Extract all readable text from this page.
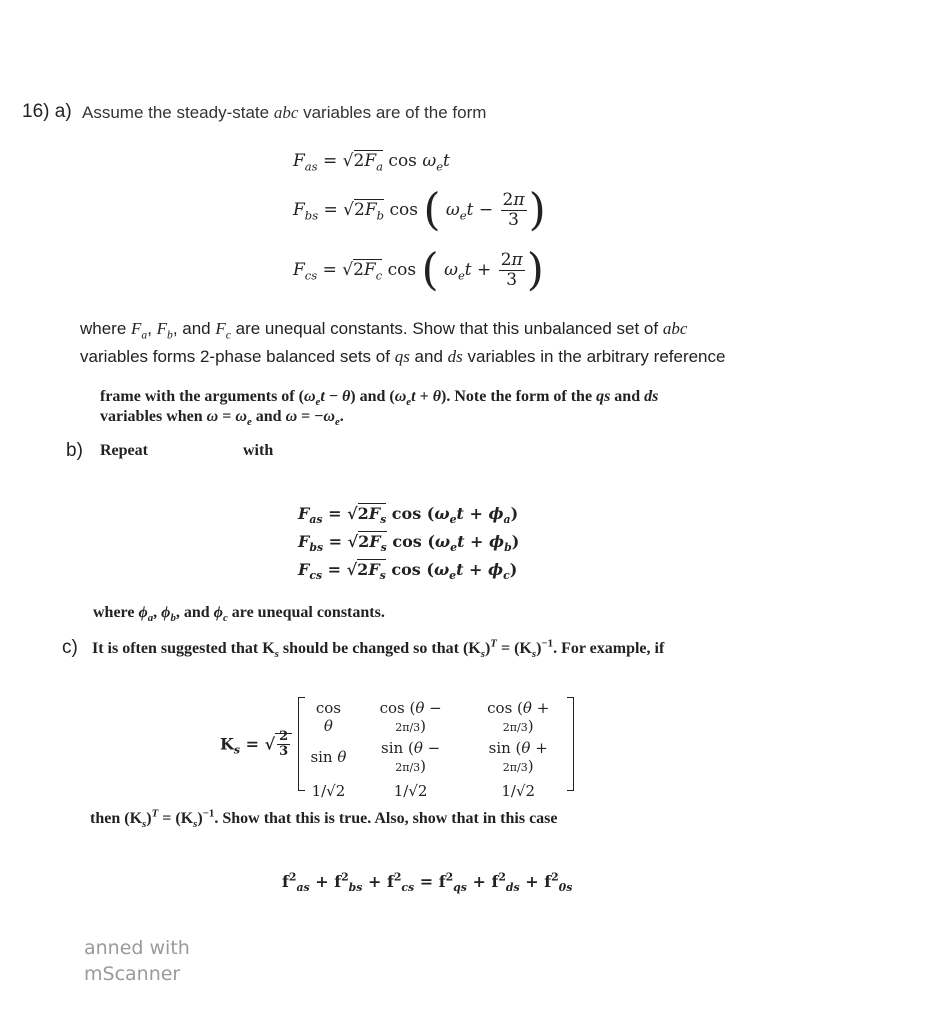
16) a) Assume the steady-state abc variables are of the form
$F_{as} = √2F_a$ $\cos \omega_et$
$F_{bs} = √2F_b$ cos ( $\omega_et - \frac{2\pi}{3}$ )
$F_{cs} = √2F_c$ cos ( $\omega_et + \frac{2\pi}{3}$ )
where $F_a$, $F_b$, and $F_c$ are unequal constants. Show that this unbalanced set of abc
variables forms 2-phase balanced sets of qs and ds variables in the arbitrary reference
frame with the arguments of $(\omega_et - \theta)$ and $(\omega_et + \theta)$. Note the form of the qs and ds
variables when $\omega = \omega_e$ and $\omega = -\omega_e$.
b) Repeat	with
$F_{as} = √2F_s$ $\cos (\omega_et + \phi_a)$
$F_{bs} = √2F_s$ $\cos (\omega_et + \phi_b)$
$F_{cs} = √2F_s$ $\cos (\omega_et + \phi_c)$
where $\phi_a$, $\phi_b$, and $\phi_c$ are unequal constants.
c) It is often suggested that $K_s$ should be changed so that $(K_s)^T = (K_s)^{-1}$. For example, if
$K_s$ = √ $\frac{2}{3}$
cos θ	cos (θ − 2π/3)	cos (θ + 2π/3)
sin θ	sin (θ − 2π/3)	sin (θ + 2π/3)
1/√2	1/√2	1/√2
then $(K_s)^T = (K_s)^{-1}$. Show that this is true. Also, show that in this case
$f^2_{as} + f^2_{bs} + f^2_{cs} = f^2_{qs} + f^2_{ds} + f^2_{0s}$
anned with
mScanner
